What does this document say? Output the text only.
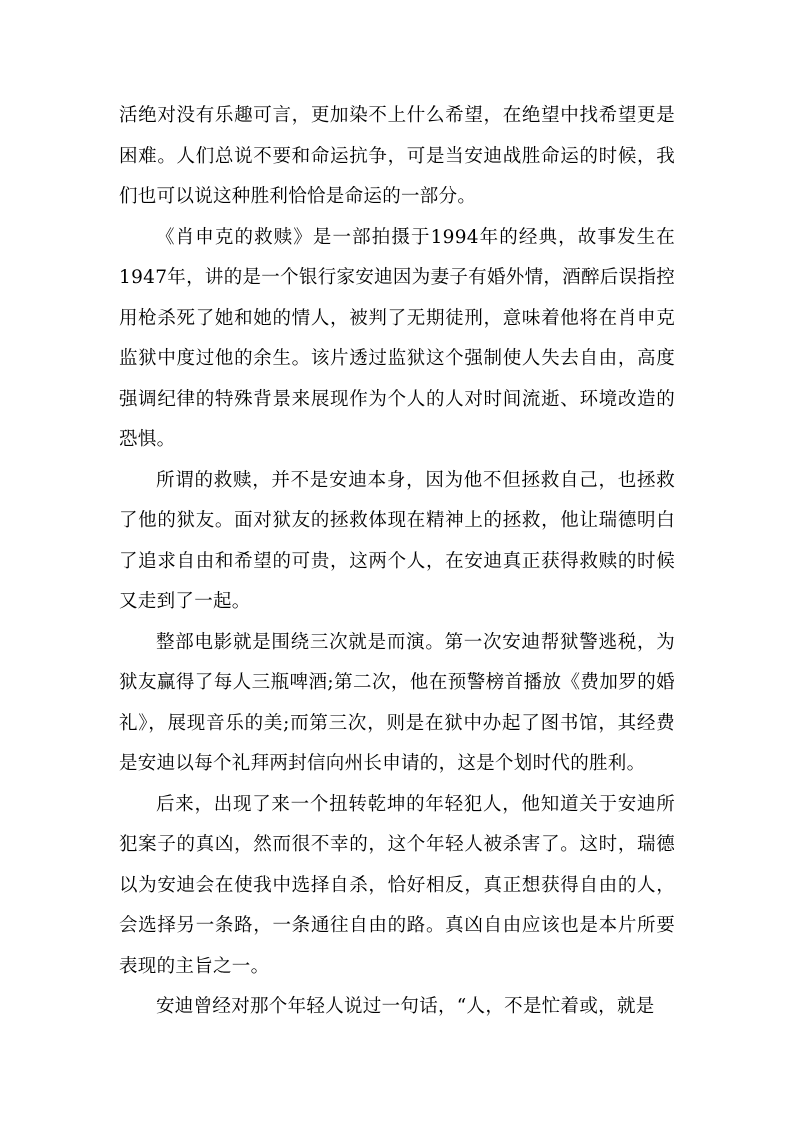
活绝对没有乐趣可言，更加染不上什么希望，在绝望中找希望更是困难。人们总说不要和命运抗争，可是当安迪战胜命运的时候，我们也可以说这种胜利恰恰是命运的一部分。

《肖申克的救赎》是一部拍摄于1994年的经典，故事发生在1947年，讲的是一个银行家安迪因为妻子有婚外情，酒醉后误指控用枪杀死了她和她的情人，被判了无期徒刑，意味着他将在肖申克监狱中度过他的余生。该片透过监狱这个强制使人失去自由，高度强调纪律的特殊背景来展现作为个人的人对时间流逝、环境改造的恐惧。

所谓的救赎，并不是安迪本身，因为他不但拯救自己，也拯救了他的狱友。面对狱友的拯救体现在精神上的拯救，他让瑞德明白了追求自由和希望的可贵，这两个人，在安迪真正获得救赎的时候又走到了一起。

整部电影就是围绕三次就是而演。第一次安迪帮狱警逃税，为狱友赢得了每人三瓶啤酒;第二次，他在预警榜首播放《费加罗的婚礼》，展现音乐的美;而第三次，则是在狱中办起了图书馆，其经费是安迪以每个礼拜两封信向州长申请的，这是个划时代的胜利。

后来，出现了来一个扭转乾坤的年轻犯人，他知道关于安迪所犯案子的真凶，然而很不幸的，这个年轻人被杀害了。这时，瑞德以为安迪会在使我中选择自杀，恰好相反，真正想获得自由的人，会选择另一条路，一条通往自由的路。真凶自由应该也是本片所要表现的主旨之一。

安迪曾经对那个年轻人说过一句话，“人，不是忙着或，就是
